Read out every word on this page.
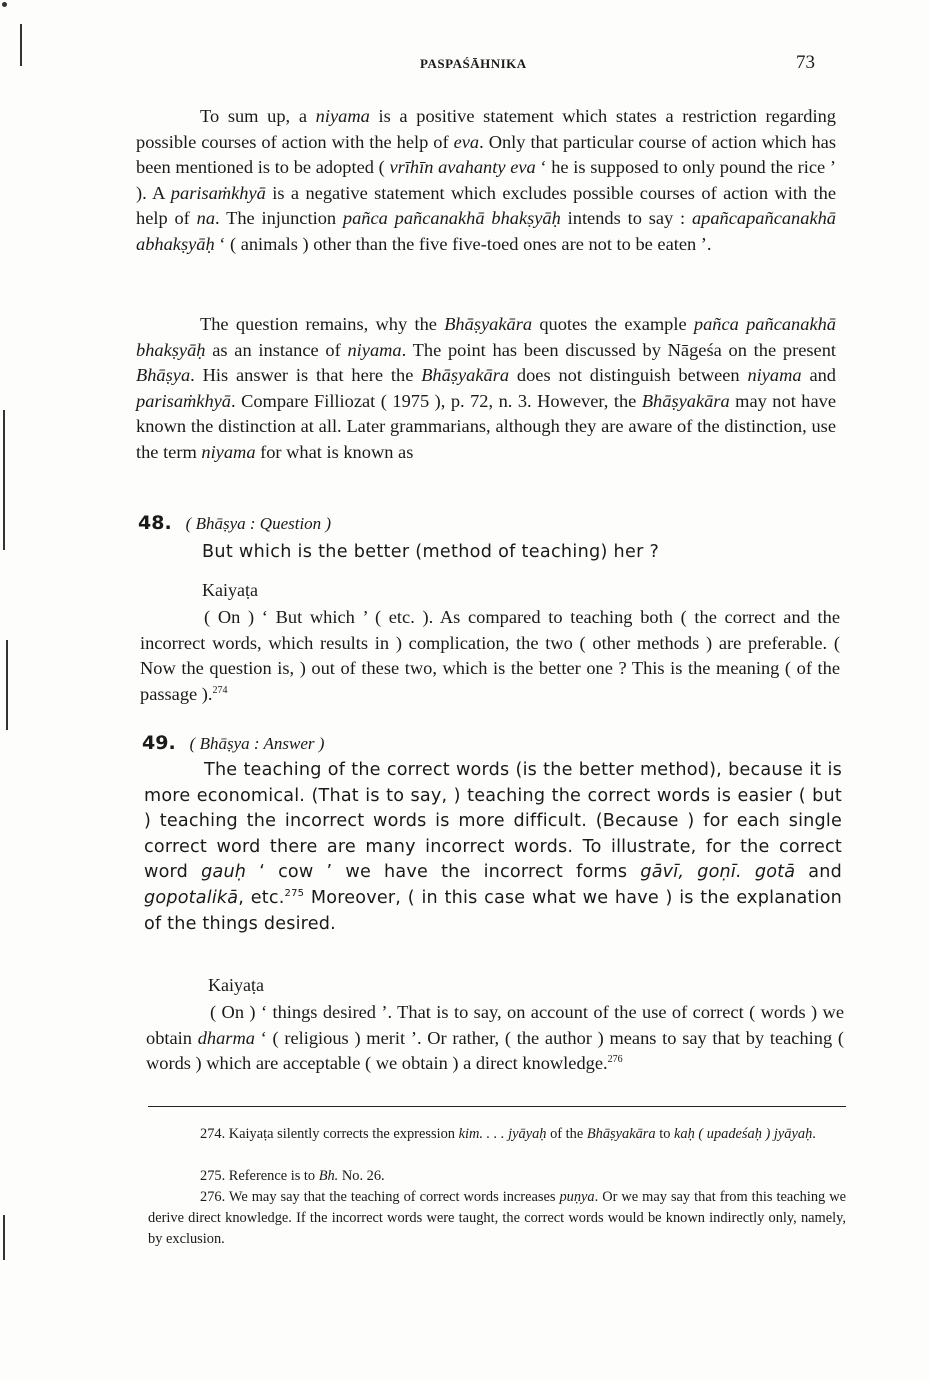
PASPAŚĀHNIKA	73

To sum up, a niyama is a positive statement which states a restriction regarding possible courses of action with the help of eva. Only that particular course of action which has been mentioned is to be adopted ( vrīhīn avahanty eva ‘ he is supposed to only pound the rice ’ ). A parisaṁkhyā is a negative statement which excludes possible courses of action with the help of na. The injunction pañca pañcanakhā bhakṣyāḥ intends to say : apañcapañcanakhā abhakṣyāḥ ‘ ( animals ) other than the five five-toed ones are not to be eaten ’.

The question remains, why the Bhāṣyakāra quotes the example pañca pañcanakhā bhakṣyāḥ as an instance of niyama. The point has been discussed by Nāgeśa on the present Bhāṣya. His answer is that here the Bhāṣyakāra does not distinguish between niyama and parisaṁkhyā. Compare Filliozat ( 1975 ), p. 72, n. 3. However, the Bhāṣyakāra may not have known the distinction at all. Later grammarians, although they are aware of the distinction, use the term niyama for what is known as

48. ( Bhāṣya : Question )

But which is the better (method of teaching) her ?

Kaiyaṭa

( On ) ‘ But which ’ ( etc. ). As compared to teaching both ( the correct and the incorrect words, which results in ) complication, the two ( other methods ) are preferable. ( Now the question is, ) out of these two, which is the better one ? This is the meaning ( of the passage ).$^{274}$

49. ( Bhāṣya : Answer )

The teaching of the correct words (is the better method), because it is more economical. (That is to say, ) teaching the correct words is easier ( but ) teaching the incorrect words is more difficult. (Because ) for each single correct word there are many incorrect words. To illustrate, for the correct word gauḥ ‘ cow ’ we have the incorrect forms gāvī, goṇī. gotā and gopotalikā, etc.$^{275}$ Moreover, ( in this case what we have ) is the explanation of the things desired.

Kaiyaṭa

( On ) ‘ things desired ’. That is to say, on account of the use of correct ( words ) we obtain dharma ‘ ( religious ) merit ’. Or rather, ( the author ) means to say that by teaching ( words ) which are acceptable ( we obtain ) a direct knowledge.$^{276}$

274. Kaiyaṭa silently corrects the expression kim. . . . jyāyaḥ of the Bhāṣyakāra to kaḥ ( upadeśaḥ ) jyāyaḥ.

275. Reference is to Bh. No. 26.

276. We may say that the teaching of correct words increases puṇya. Or we may say that from this teaching we derive direct knowledge. If the incorrect words were taught, the correct words would be known indirectly only, namely, by exclusion.
